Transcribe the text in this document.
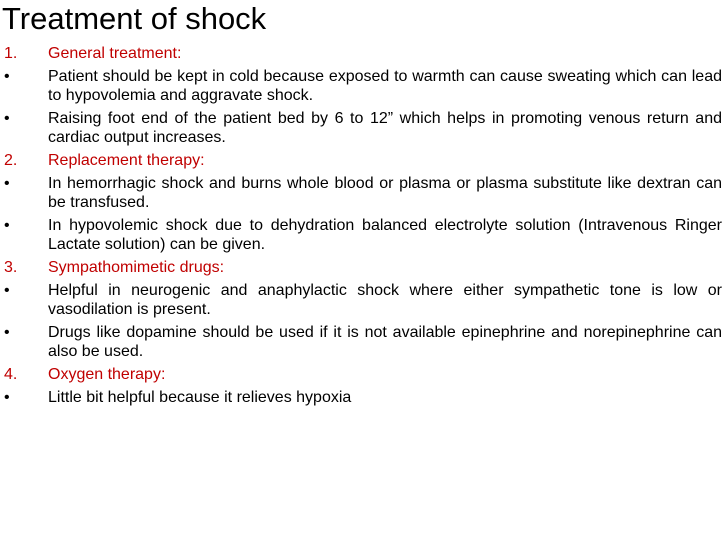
Treatment of shock
1.	General treatment:
•	Patient should be kept in cold because exposed to warmth can cause sweating which can lead to hypovolemia and aggravate shock.
•	Raising foot end of the patient bed by 6 to 12” which helps in promoting venous return and cardiac output increases.
2.	Replacement therapy:
•	In hemorrhagic shock and burns whole blood or plasma or plasma substitute like dextran can be transfused.
•	In hypovolemic shock due to dehydration balanced electrolyte solution (Intravenous Ringer Lactate solution) can be given.
3.	Sympathomimetic drugs:
•	Helpful in neurogenic and anaphylactic shock where either sympathetic tone is low or vasodilation is present.
•	Drugs like dopamine should be used if it is not available epinephrine and norepinephrine can also be used.
4.	Oxygen therapy:
•	Little bit helpful because it relieves hypoxia
